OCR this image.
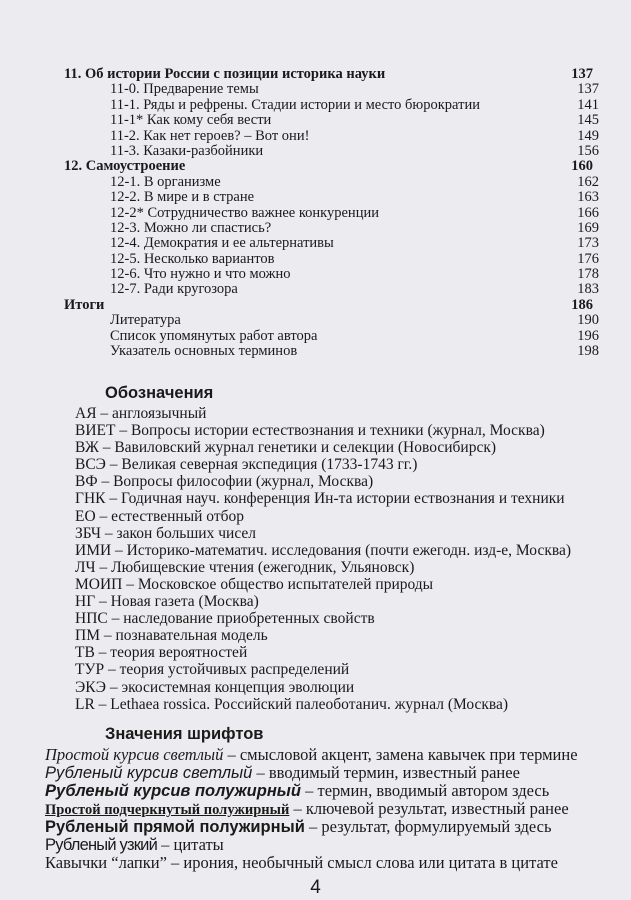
11. Об истории России с позиции историка науки	137
11-0. Предварение темы	137
11-1. Ряды и рефрены. Стадии истории и место бюрократии	141
11-1* Как кому себя вести	145
11-2. Как нет героев? – Вот они!	149
11-3. Казаки-разбойники	156
12. Самоустроение	160
12-1. В организме	162
12-2. В мире и в стране	163
12-2* Сотрудничество важнее конкуренции	166
12-3. Можно ли спастись?	169
12-4. Демократия и ее альтернативы	173
12-5. Несколько вариантов	176
12-6. Что нужно и что можно	178
12-7. Ради кругозора	183
Итоги	186
Литература	190
Список упомянутых работ автора	196
Указатель основных терминов	198
Обозначения
АЯ – англоязычный
ВИЕТ – Вопросы истории естествознания и техники (журнал, Москва)
ВЖ – Вавиловский журнал генетики и селекции (Новосибирск)
ВСЭ – Великая северная экспедиция (1733-1743 гг.)
ВФ – Вопросы философии (журнал, Москва)
ГНК – Годичная науч. конференция Ин-та истории ествознания и техники
ЕО – естественный отбор
ЗБЧ – закон больших чисел
ИМИ – Историко-математич. исследования (почти ежегодн. изд-е, Москва)
ЛЧ – Любищевские чтения (ежегодник, Ульяновск)
МОИП – Московское общество испытателей природы
НГ – Новая газета (Москва)
НПС – наследование приобретенных свойств
ПМ – познавательная модель
ТВ – теория вероятностей
ТУР – теория устойчивых распределений
ЭКЭ – экосистемная концепция эволюции
LR – Lethaea rossica. Российский палеоботанич. журнал (Москва)
Значения шрифтов
Простой курсив светлый – смысловой акцент, замена кавычек при термине
Рубленый курсив светлый – вводимый термин, известный ранее
Рубленый курсив полужирный – термин, вводимый автором здесь
Простой подчеркнутый полужирный – ключевой результат, известный ранее
Рубленый прямой полужирный – результат, формулируемый здесь
Рубленый узкий – цитаты
Кавычки “лапки” – ирония, необычный смысл слова или цитата в цитате
4
